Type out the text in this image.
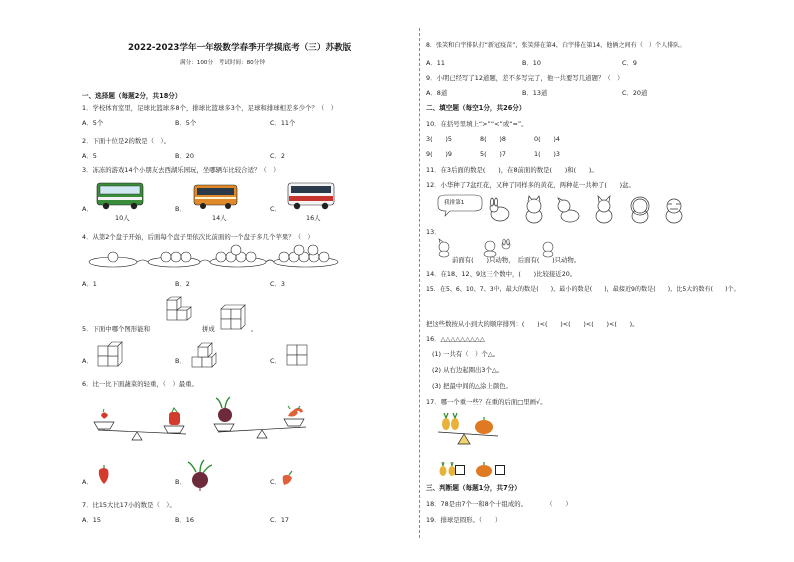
2022-2023学年一年级数学春季开学摸底考（三）苏教版
满分：100分　考试时间：80分钟
一、选择题（每题2分，共18分）
1．学校体育室里，足球比篮球多8个，排球比篮球多3个，足球和排球相差多少个？（　）
A．5个	B．5个	C．11个
2．下面十位是2的数是（　）。
A．5	B．20	C．2
3．冻冻的游戏14个小朋友去西湖乐园玩，坐哪辆车比较合适？（　）
A．	B．	C．
10人	14人	16人
4．从第2个盘子开始，后面每个盘子里依次比前面的一个盘子多几个苹果？（　）
A．1	B．2	C．3
5．下面中哪个图形能和	拼成	。
A．	B．	C．
6．比一比下面蔬菜的轻重，（　）最重。
A．	B．	C．
7．比15大比17小的数是（　）。
A．15	B．16	C．17
8．张笑和白宇排队打“新冠疫苗”，张笑排在第4，白宇排在第14，他俩之间有（　）个人排队。
A．11	B．10	C．9
9．小明已经写了12道题，差不多写完了，他一共要写几道题？（　）
A．8道	B．13道	C．20道
二、填空题（每空1分，共26分）
10．在括号里填上“>”“<”或“=”。
3(　　)5	8(　　)8	0(　　)4
9(　　)9	5(　　)7	1(　　)3
11．在3后面的数是(　　)，在8前面的数是(　　)和(　　)。
12．小华种了7盆红花，又种了同样多的黄花，两种花一共种了(　　)盆。
我排第1
13．
前面有(　　)只动物，　后面有(　　)只动物。
14．在18、12、9这三个数中，(　　)比较接近20。
15．在5、6、10、7、3中，最大的数是(　　)，最小的数是(　　)，最接近9的数是(　　)，比5大的数有(　　)个。
把这些数按从小到大的顺序排列：(　　)<(　　)<(　　)<(　　)<(　　)。
16．△△△△△△△△△
(1) 一共有（　）个△。
(2) 从右边起圈出3个△。
(3) 把最中间的△涂上颜色。
17．哪一个重一些？在重的后面□里画√。
三、判断题（每题1分，共7分）
18．78是由7个一和8个十组成的。　　　　（　　）
19．排球是圆形。（　　）
